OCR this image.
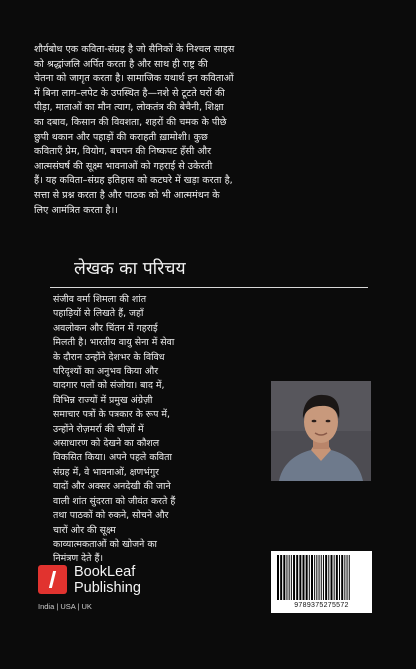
शौर्यबोध एक कविता-संग्रह है जो सैनिकों के निश्चल साहस
को श्रद्धांजलि अर्पित करता है और साथ ही राष्ट्र की
चेतना को जागृत करता है। सामाजिक यथार्थ इन कविताओं
में बिना लाग–लपेट के उपस्थित है—नशे से टूटते घरों की
पीड़ा, माताओं का मौन त्याग, लोकतंत्र की बेचैनी, शिक्षा
का दबाव, किसान की विवशता, शहरों की चमक के पीछे
छुपी थकान और पहाड़ों की कराहती ख़ामोशी। कुछ
कविताएँ प्रेम, वियोग, बचपन की निष्कपट हँसी और
आत्मसंघर्ष की सूक्ष्म भावनाओं को गहराई से उकेरती
हैं। यह कविता–संग्रह इतिहास को कटघरे में खड़ा करता है,
सत्ता से प्रश्न करता है और पाठक को भी आत्ममंथन के
लिए आमंत्रित करता है।।
लेखक का परिचय
संजीव वर्मा शिमला की शांत
पहाड़ियों से लिखते हैं, जहाँ
अवलोकन और चिंतन में गहराई
मिलती है। भारतीय वायु सेना में सेवा
के दौरान उन्होंने देशभर के विविध
परिदृश्यों का अनुभव किया और
यादगार पलों को संजोया। बाद में,
विभिन्न राज्यों में प्रमुख अंग्रेज़ी
समाचार पत्रों के पत्रकार के रूप में,
उन्होंने रोज़मर्रा की चीज़ों में
असाधारण को देखने का कौशल
विकसित किया। अपने पहले कविता
संग्रह में, वे भावनाओं, क्षणभंगुर
यादों और अक्सर अनदेखी की जाने
वाली शांत सुंदरता को जीवंत करते हैं
तथा पाठकों को रुकने, सोचने और
चारों ओर की सूक्ष्म
काव्यात्मकताओं को खोजने का
निमंत्रण देते हैं।
BookLeaf
Publishing
India | USA | UK	9789375275572
